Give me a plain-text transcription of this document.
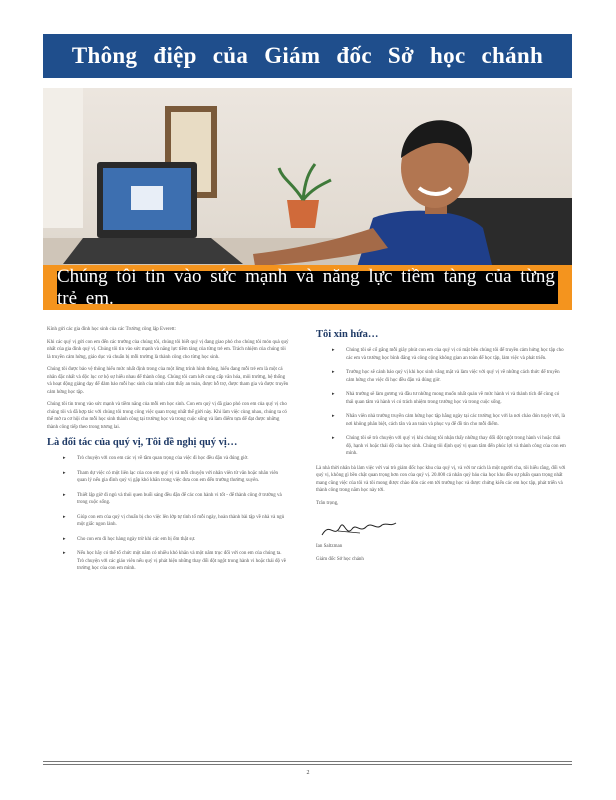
Thông điệp của Giám đốc Sở học chánh
Chúng tôi tin vào sức mạnh và năng lực tiềm tàng của từng trẻ em.

Kính gửi các gia đình học sinh của các Trường công lập Everett:

Khi các quý vị gửi con em đến các trường của chúng tôi, chúng tôi biết quý vị đang giao phó cho chúng tôi món quà quý nhất của gia đình quý vị. Chúng tôi tin vào sức mạnh và năng lực tiềm tàng của từng trẻ em. Trách nhiệm của chúng tôi là truyền cảm hứng, giáo dục và chuẩn bị mỗi trường là thành công cho từng học sinh.

Chúng tôi được bảo vệ thông hiểu mức nhất định trong của một lừng trình hình thông, hiểu đang mỗi trẻ em là một cá nhân đặc nhất và độc lục cơ hộ sự hiểu nhau để thành công. Chúng tôi cam kết cung cấp văn hóa, môi trường, hệ thống và hoạt động giảng dạy để đảm bảo mỗi học sinh của mình cảm thấy an toàn, được hỗ trợ, được tham gia và được truyền cảm hứng học tập.

Chúng tôi tin trong vào sức mạnh và tiềm năng của mỗi em học sinh. Con em quý vị đã giao phó con em của quý vị cho chúng tôi và đã hợp tác với chúng tôi trong công việc quan trọng nhất thế giới này. Khi làm việc cùng nhau, chúng ta có thể mở ra cơ hội cho mỗi học sinh thành công tại trường học và trong cuộc sống và làm điểm tựa để đạt được những thành công tiếp theo trong tương lai.

Là đối tác của quý vị, Tôi đề nghị quý vị…
▸ Trò chuyện với con em các vị về tầm quan trọng của việc đi học đều đặn và đúng giờ.
▸ Tham dự việc có một liên lạc của con em quý vị và mỗi chuyện với nhân viên từ văn hoặc nhân viên quan lý nếu gia đình quý vị gặp khó khăn trong việc đưa con em đến trường thường xuyên.
▸ Thiết lập giờ đi ngủ và thói quen buổi sáng đều đặn để các con hành vi tốt - để thành công ở trường và trong cuộc sống.
▸ Giúp con em của quý vị chuẩn bị cho việc lên lớp tự tình tố mỗi ngày, hoàn thành bài tập về nhà và ngủ một giấc ngon lành.
▸ Cho con em đi học hàng ngày trừ khi các em bị ốm thật sự.
▸ Nếu học hãy có thể tổ chức một năm có nhiều khó khăn và một năm trục đối với con em của chúng ta. Trò chuyện với các giáo viên nếu quý vị phát hiện những thay đổi đột ngột trong hành vi hoặc thái độ về trường học của con em mình.
Tôi xin hứa…
▸ Chúng tôi sẽ cố gắng mỗi giây phút con em của quý vị có mặt bên chúng tôi để truyền cảm hứng học tập cho các em và trường học bình đẳng và công cộng không gian an toàn để học tập, làm việc và phát triển.
▸ Trường học sẽ cánh báo quý vị khi học sinh vắng mặt và làm việc với quý vị về những cách thức để truyền cảm hứng cho việc đi học đều đặn và đúng giờ.
▸ Nhà trường sẽ làm gương và đầu tư những mong muốn nhất quán về mức hành vi và thành tích để cùng có thái quan tâm và hành vi có trách nhiệm trong trường học và trong cuộc sống.
▸ Nhân viên nhà trường truyền cảm hứng học tập hằng ngày tại các trường học với la nơi chào đón tuyệt vời, là nơi không phân biệt, cách tân và an toàn và phục vụ để đồ tin cho mỗi điểm.
▸ Chúng tôi sẽ trò chuyện với quý vị khi chúng tôi nhận thấy những thay đổi đột ngột trong hành vi hoặc thái độ, hạnh vi hoặc thái độ của học sinh. Chúng tôi định quý vị quan tâm đến phúc lợi và thành công của con em mình.

Là nhà thời nhân bà làm việc với vai trò giám đốc học khu của quý vị, và với tư cách là một người cha, tôi hiểu rằng, đối với quý vị, không gì bền chặt quan trọng hơn con của quý vị. 20.000 cả nhân quý báu của học khu đều sự phấn quan trọng nhất mang cũng việc của tôi và tôi mong được chào đón các em tới trường học và được chứng kiến các em học tập, phát triển và thành công trong năm học này tới.

Trân trọng,

Ian Saltzman

Giám đốc Sở học chánh

2
